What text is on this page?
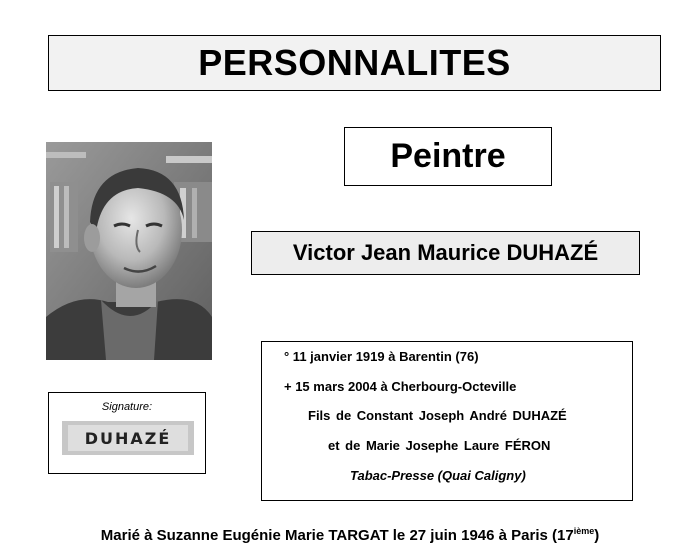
PERSONNALITES
Peintre
Victor Jean Maurice DUHAZÉ
Signature:
DUHAZÉ
° 11 janvier 1919 à Barentin (76)
+ 15 mars 2004 à Cherbourg-Octeville
Fils de Constant Joseph André DUHAZÉ
et de Marie Josephe Laure FÉRON
Tabac-Presse (Quai Caligny)
Marié à Suzanne Eugénie Marie TARGAT le 27 juin 1946 à Paris (17ième)
